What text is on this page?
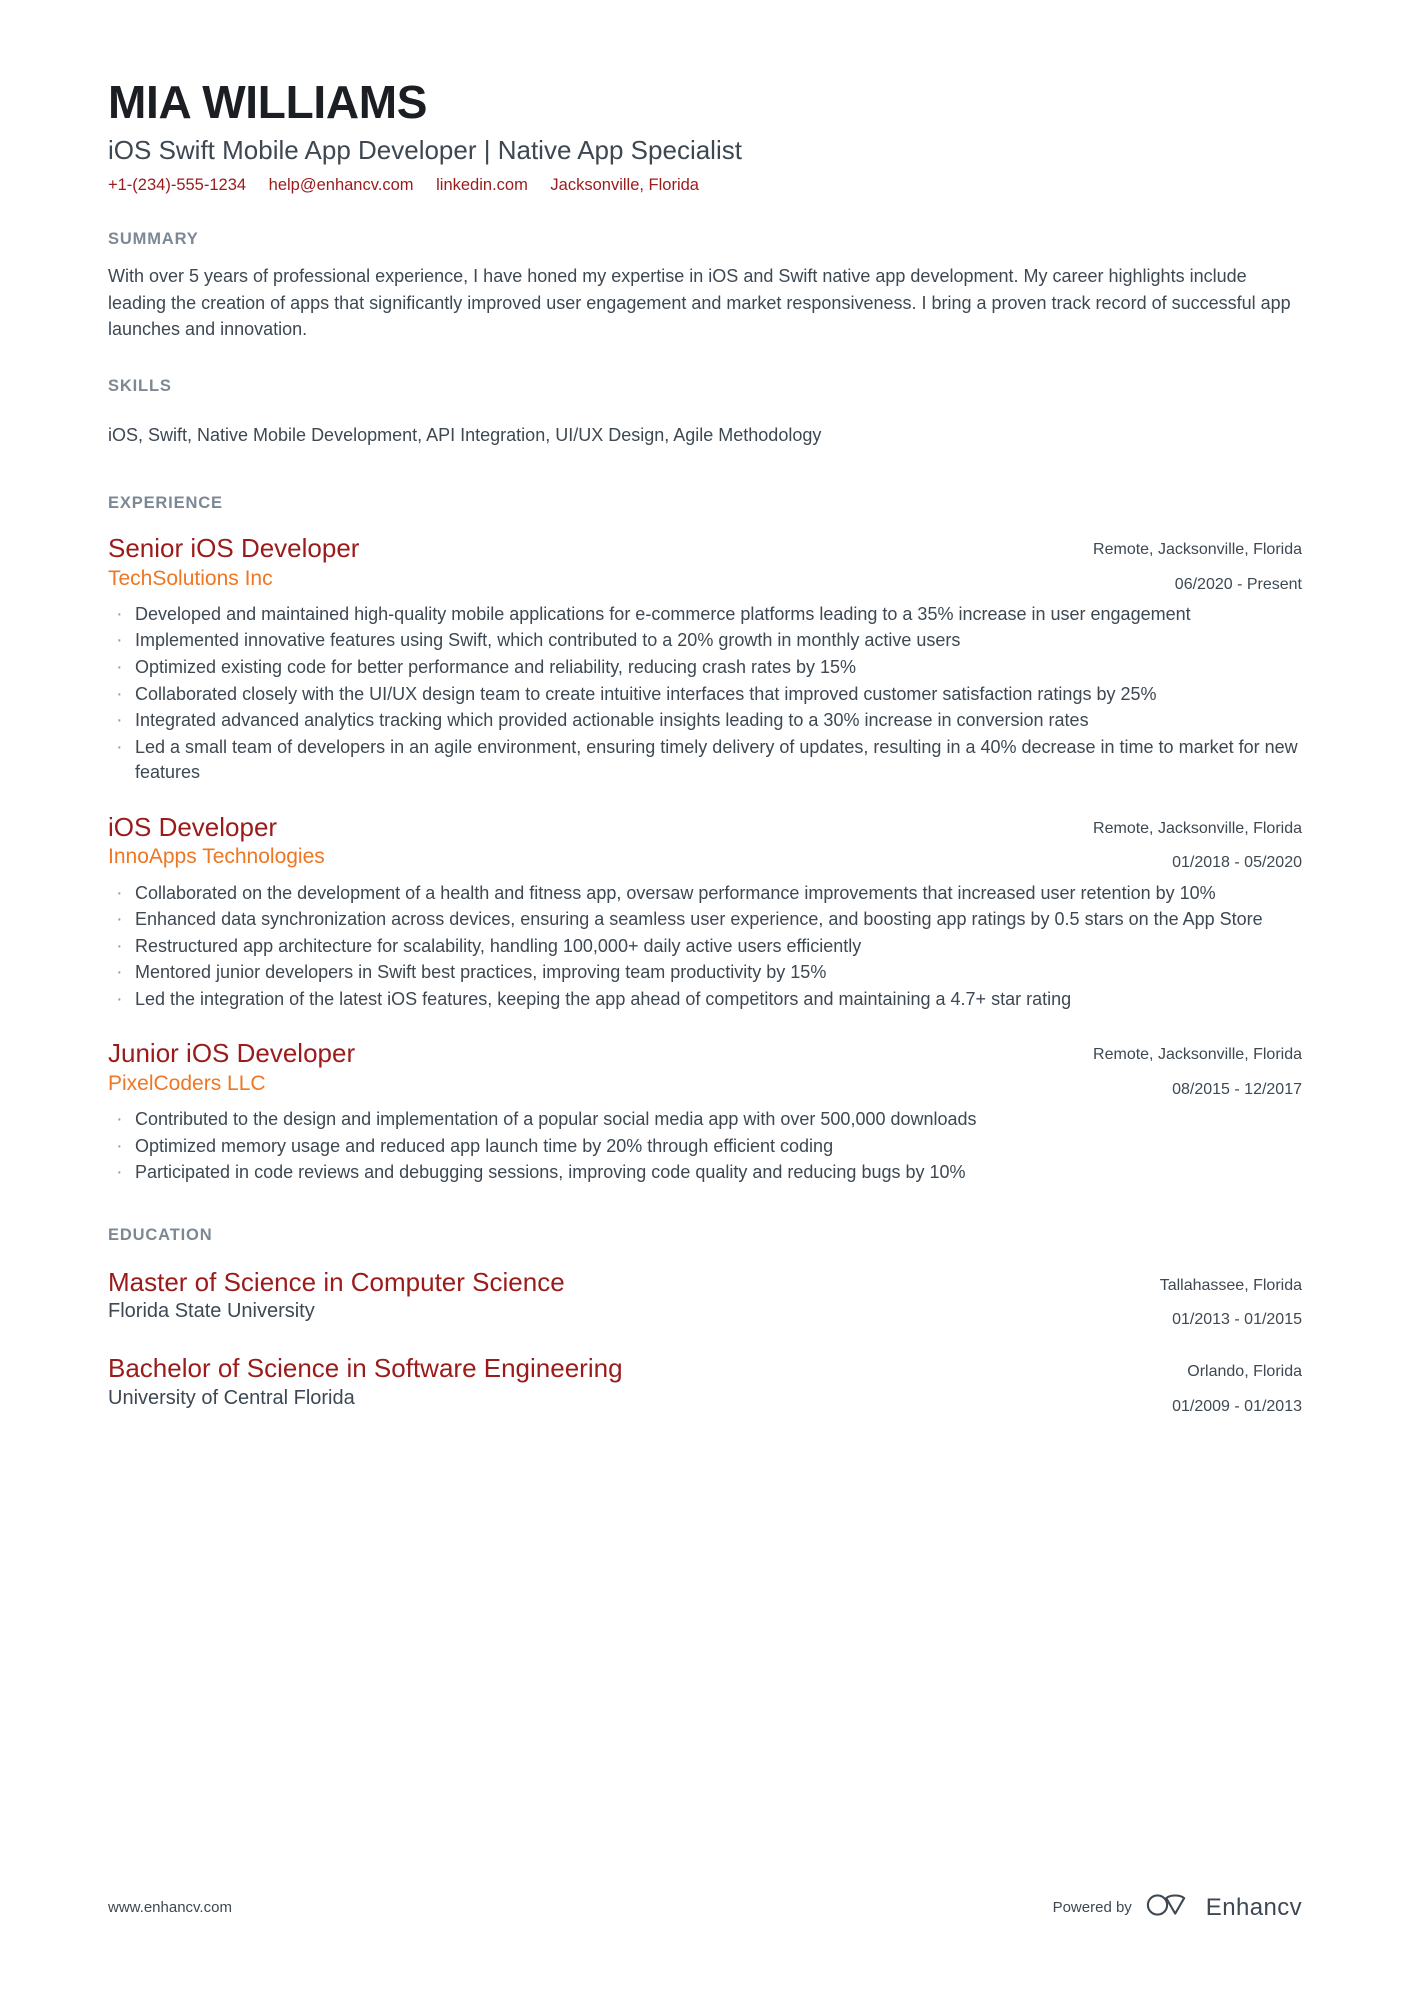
MIA WILLIAMS
iOS Swift Mobile App Developer | Native App Specialist
+1-(234)-555-1234 help@enhancv.com linkedin.com Jacksonville, Florida
SUMMARY

With over 5 years of professional experience, I have honed my expertise in iOS and Swift native app development. My career highlights include leading the creation of apps that significantly improved user engagement and market responsiveness. I bring a proven track record of successful app launches and innovation.

SKILLS
iOS, Swift, Native Mobile Development, API Integration, UI/UX Design, Agile Methodology
EXPERIENCE
Senior iOS Developer
TechSolutions Inc
Remote, Jacksonville, Florida
06/2020 - Present
· Developed and maintained high-quality mobile applications for e-commerce platforms leading to a 35% increase in user engagement
· Implemented innovative features using Swift, which contributed to a 20% growth in monthly active users
· Optimized existing code for better performance and reliability, reducing crash rates by 15%
· Collaborated closely with the UI/UX design team to create intuitive interfaces that improved customer satisfaction ratings by 25%
· Integrated advanced analytics tracking which provided actionable insights leading to a 30% increase in conversion rates
· Led a small team of developers in an agile environment, ensuring timely delivery of updates, resulting in a 40% decrease in time to market for new features
iOS Developer
InnoApps Technologies
Remote, Jacksonville, Florida
01/2018 - 05/2020
· Collaborated on the development of a health and fitness app, oversaw performance improvements that increased user retention by 10%
· Enhanced data synchronization across devices, ensuring a seamless user experience, and boosting app ratings by 0.5 stars on the App Store
· Restructured app architecture for scalability, handling 100,000+ daily active users efficiently
· Mentored junior developers in Swift best practices, improving team productivity by 15%
· Led the integration of the latest iOS features, keeping the app ahead of competitors and maintaining a 4.7+ star rating
Junior iOS Developer
PixelCoders LLC
Remote, Jacksonville, Florida
08/2015 - 12/2017
· Contributed to the design and implementation of a popular social media app with over 500,000 downloads
· Optimized memory usage and reduced app launch time by 20% through efficient coding
· Participated in code reviews and debugging sessions, improving code quality and reducing bugs by 10%
EDUCATION
Master of Science in Computer Science
Florida State University
Tallahassee, Florida
01/2013 - 01/2015
Bachelor of Science in Software Engineering
University of Central Florida
Orlando, Florida
01/2009 - 01/2013
www.enhancv.com	Powered by	Enhancv
